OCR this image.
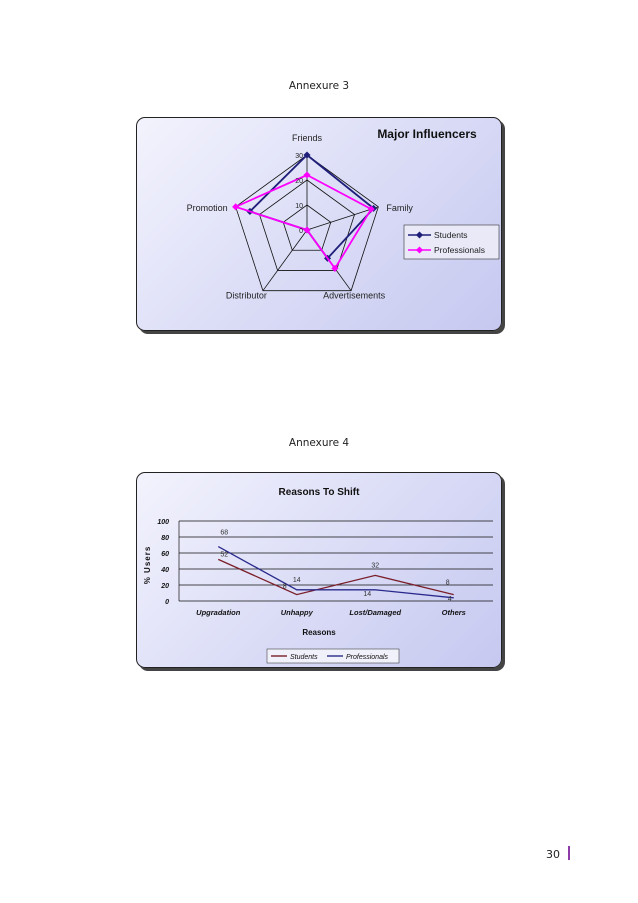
Annexure 3
0
10
20
30
Friends
Family
Advertisements
Distributor
Promotion
Major Influencers
Students
Professionals
Annexure 4
Reasons To Shift
0
20
40
60
80
100
Upgradation	Unhappy	Lost/Damaged	Others
52
8
32
8
68
14
14
4
Reasons
% Users
Students	Professionals
30
